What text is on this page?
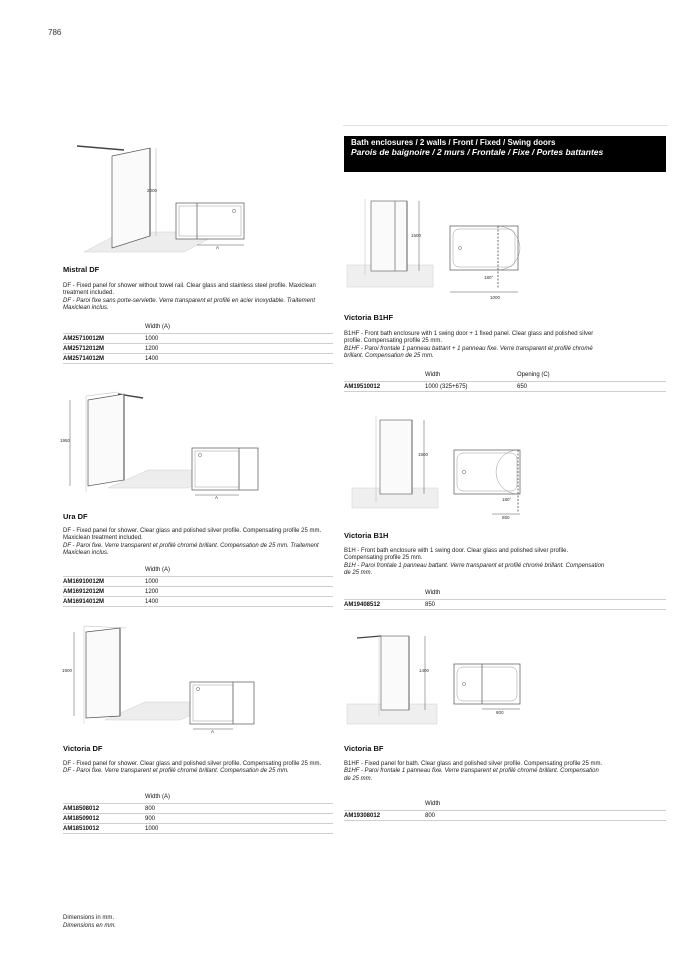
786
2000
A
Mistral DF

DF - Fixed panel for shower without towel rail. Clear glass and stainless steel profile. Maxiclean treatment included.

DF - Paroi fixe sans porte-serviette. Verre transparent et profilé en acier inoxydable. Traitement Maxiclean inclus.

	Width (A)
AM25710012M	1000
AM25712012M	1200
AM25714012M	1400
1950
A
Ura DF

DF - Fixed panel for shower. Clear glass and polished silver profile. Compensating profile 25 mm. Maxiclean treatment included.

DF - Paroi fixe. Verre transparent et profilé chromé brillant. Compensation de 25 mm. Traitement Maxiclean inclus.

	Width (A)
AM16910012M	1000
AM16912012M	1200
AM16914012M	1400
1900
A
Victoria DF

DF - Fixed panel for shower. Clear glass and polished silver profile. Compensating profile 25 mm.

DF - Paroi fixe. Verre transparent et profilé chromé brillant. Compensation de 25 mm.

	Width (A)
AM18508012	800
AM18509012	900
AM18510012	1000
Bath enclosures / 2 walls / Front / Fixed / Swing doors
Parois de baignoire / 2 murs / Frontale / Fixe / Portes battantes
1500
180°
1000
Victoria B1HF

B1HF - Front bath enclosure with 1 swing door + 1 fixed panel. Clear glass and polished silver profile. Compensating profile 25 mm.

B1HF - Paroi frontale 1 panneau battant + 1 panneau fixe. Verre transparent et profilé chromé brillant. Compensation de 25 mm.

	Width	Opening (C)
AM19510012	1000 (325+675)	650
1500
180°
850
Victoria B1H

B1H - Front bath enclosure with 1 swing door. Clear glass and polished silver profile. Compensating profile 25 mm.

B1H - Paroi frontale 1 panneau battant. Verre transparent et profilé chromé brillant. Compensation de 25 mm.

	Width
AM19408512	850
1400
800
Victoria BF

B1HF - Fixed panel for bath. Clear glass and polished silver profile. Compensating profile 25 mm.

B1HF - Paroi frontale 1 panneau fixe. Verre transparent et profilé chromé brillant. Compensation de 25 mm.

	Width
AM19308012	800
Dimensions in mm.
Dimensions en mm.
